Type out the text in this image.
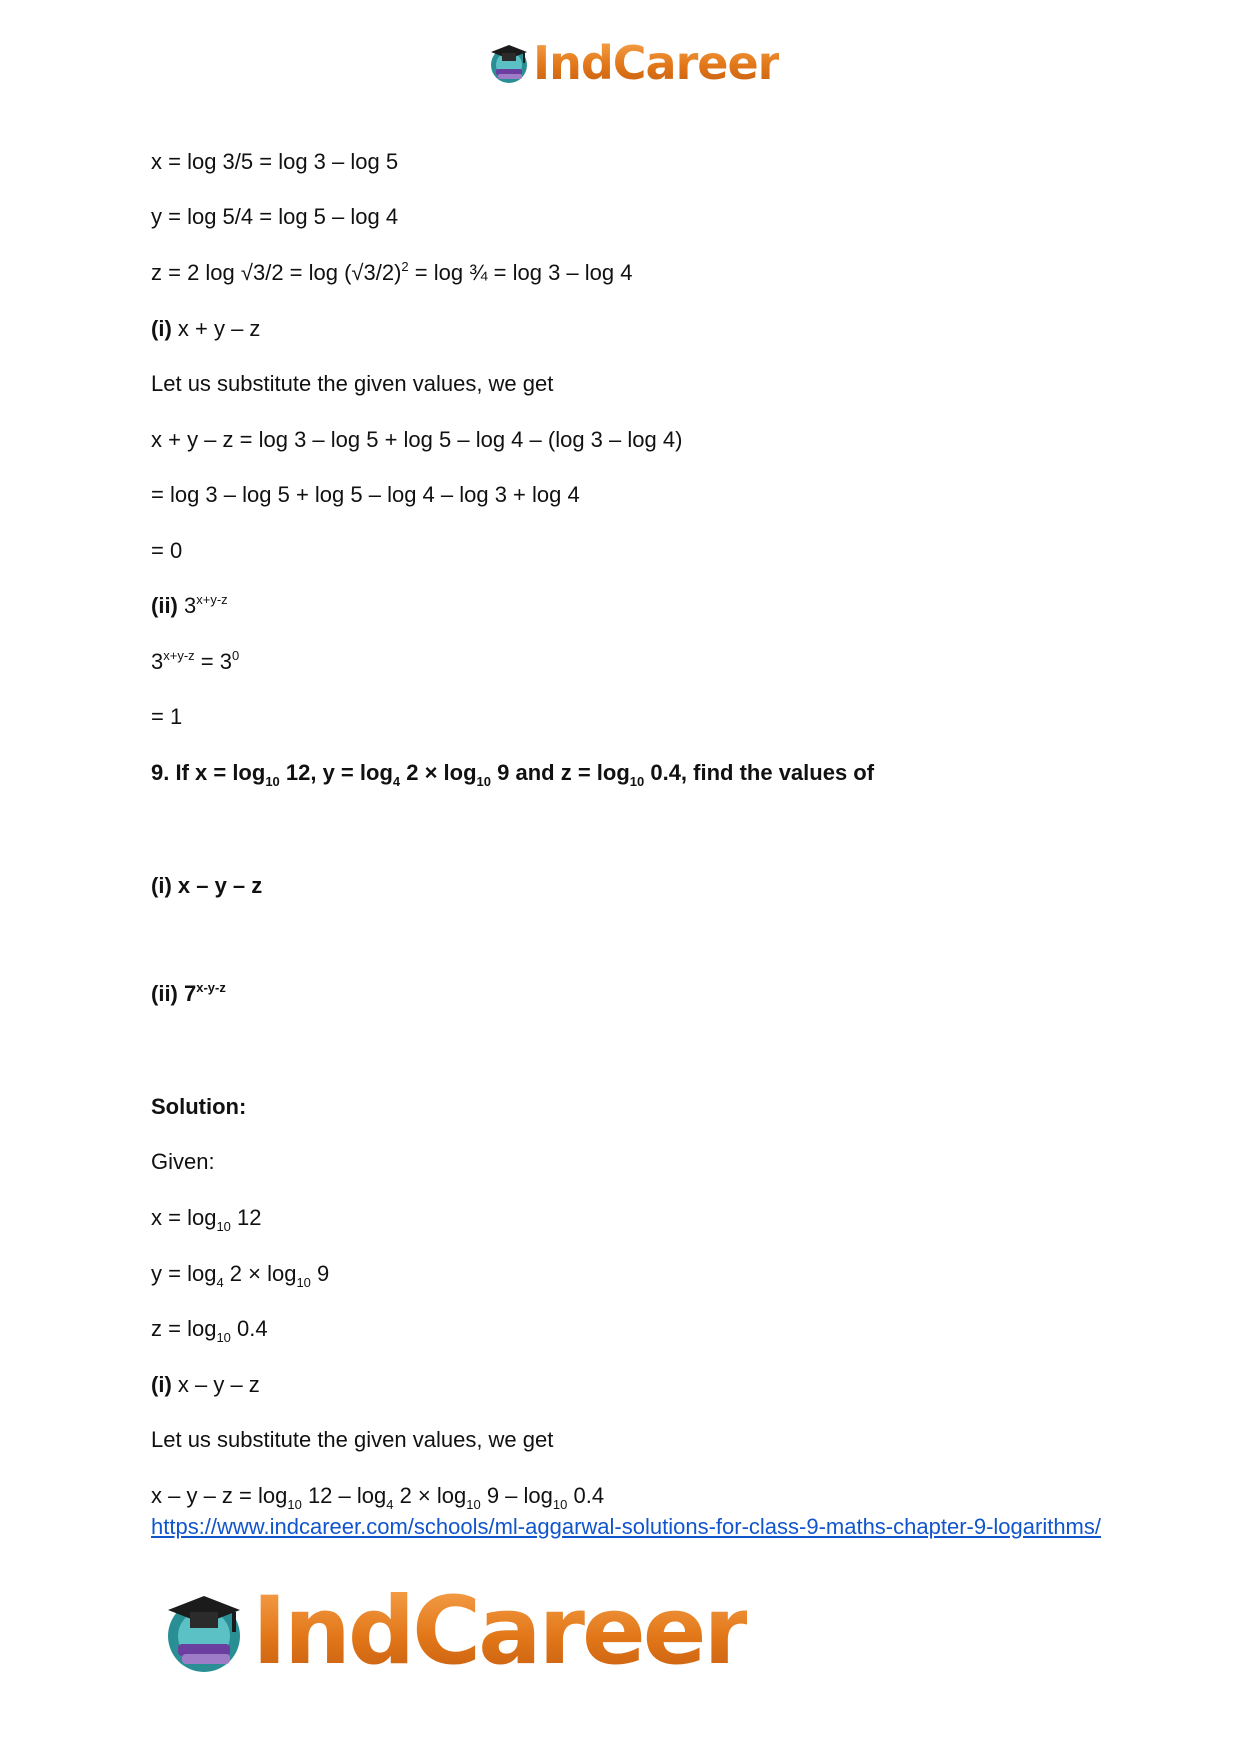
IndCareer
x = log 3/5 = log 3 – log 5
y = log 5/4 = log 5 – log 4
z = 2 $\log √3/2 = \log (√3/2)^2 = \log$ ¾ = log 3 – log 4
(i) x + y – z
Let us substitute the given values, we get
x + y – z = log 3 – log 5 + log 5 – log 4 – (log 3 – log 4)
= log 3 – log 5 + log 5 – log 4 – log 3 + log 4
= 0
(ii) $3^{x+y-z}$
$3^{x+y-z} = 3^0$
= 1
9. If $x = \log_{10} 12$, $y = \log_4 2 \times \log_{10} 9$ and $z = \log_{10} 0.4$, find the values of
(i) x – y – z
(ii) 7$^{x-y-z}$
Solution:
Given:
$x = \log_{10} 12$
$y = \log_4 2 \times \log_{10} 9$
$z = \log_{10} 0.4$
(i) x – y – z
Let us substitute the given values, we get
$x - y - z = \log_{10} 12 - \log_4 2 \times \log_{10} 9 - \log_{10} 0.4$
https://www.indcareer.com/schools/ml-aggarwal-solutions-for-class-9-maths-chapter-9-logarithms/
IndCareer
